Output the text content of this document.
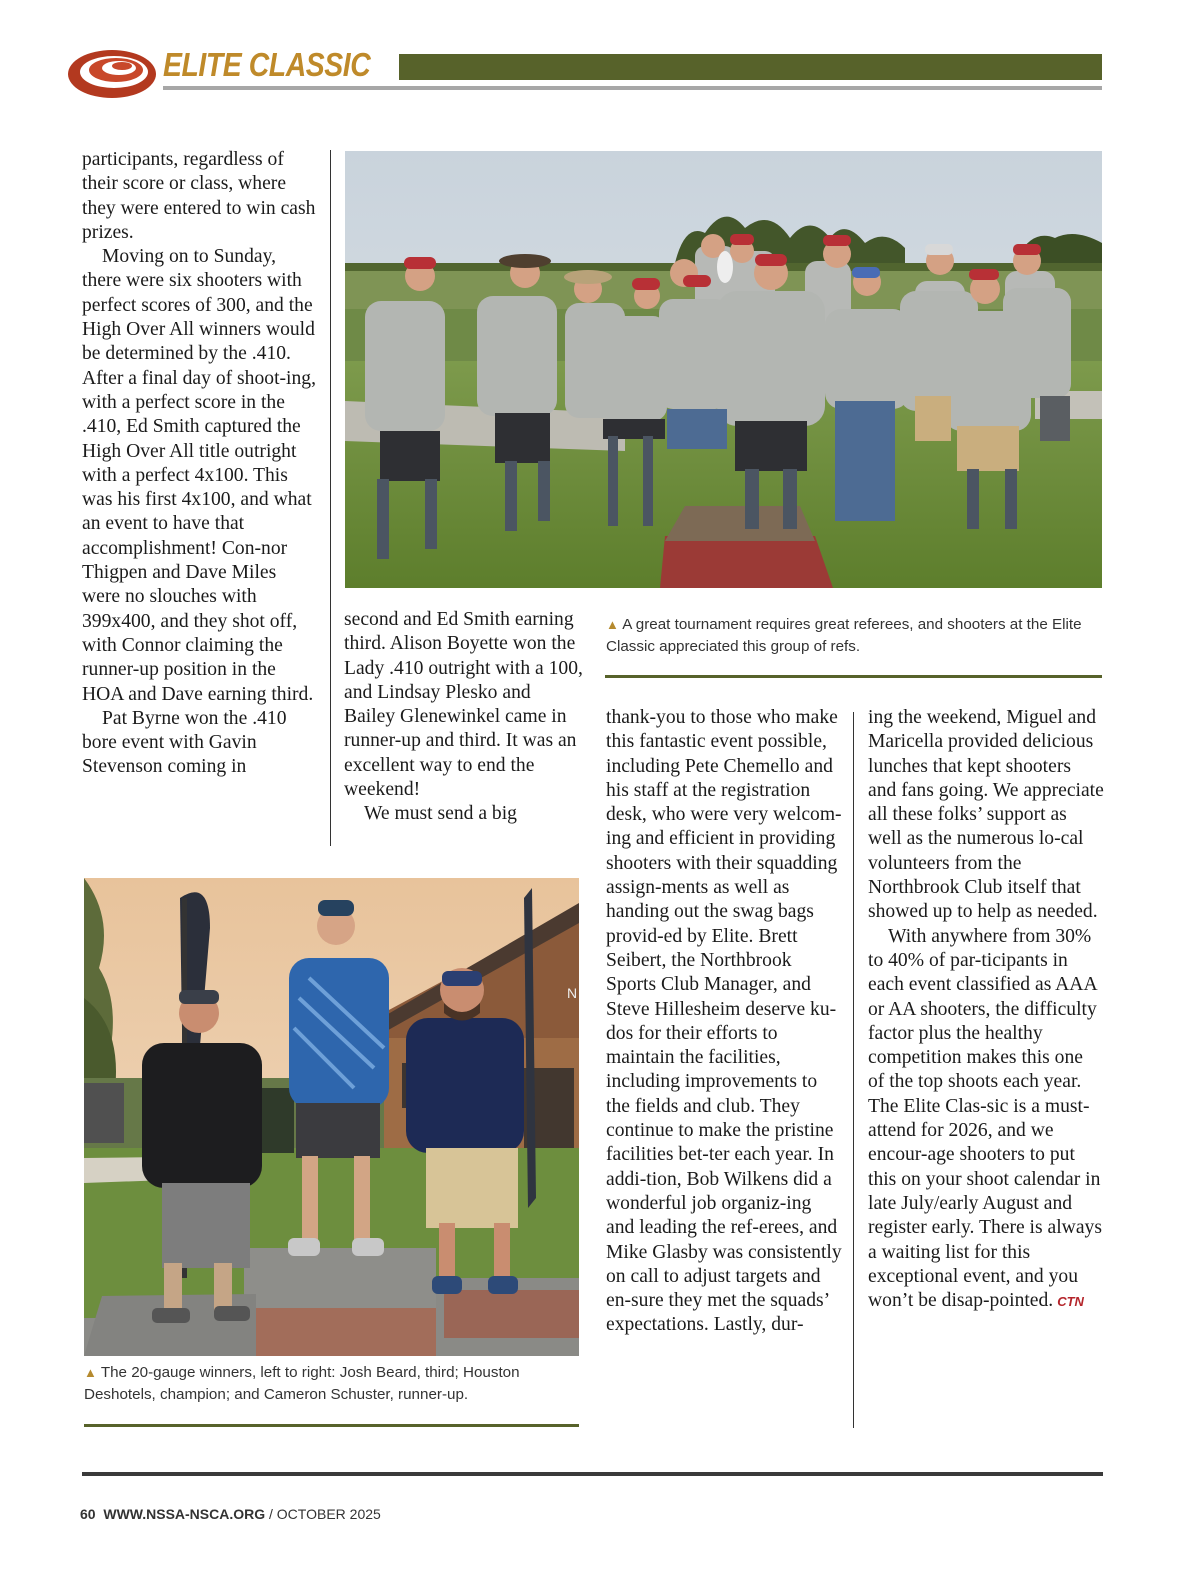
ELITE CLASSIC

participants, regardless of their score or class, where they were entered to win cash prizes.

Moving on to Sunday, there were six shooters with perfect scores of 300, and the High Over All winners would be determined by the .410. After a final day of shoot-ing, with a perfect score in the .410, Ed Smith captured the High Over All title outright with a perfect 4x100. This was his first 4x100, and what an event to have that accomplishment! Con-nor Thigpen and Dave Miles were no slouches with 399x400, and they shot off, with Connor claiming the runner-up position in the HOA and Dave earning third.

Pat Byrne won the .410 bore event with Gavin Stevenson coming in

▲ A great tournament requires great referees, and shooters at the Elite Classic appreciated this group of refs.

second and Ed Smith earning third. Alison Boyette won the Lady .410 outright with a 100, and Lindsay Plesko and Bailey Glenewinkel came in runner-up and third. It was an excellent way to end the weekend!

We must send a big

N
▲ The 20-gauge winners, left to right: Josh Beard, third; Houston Deshotels, champion; and Cameron Schuster, runner-up.

thank-you to those who make this fantastic event possible, including Pete Chemello and his staff at the registration desk, who were very welcom-ing and efficient in providing shooters with their squadding assign-ments as well as handing out the swag bags provid-ed by Elite. Brett Seibert, the Northbrook Sports Club Manager, and Steve Hillesheim deserve ku-dos for their efforts to maintain the facilities, including improvements to the fields and club. They continue to make the pristine facilities bet-ter each year. In addi-tion, Bob Wilkens did a wonderful job organiz-ing and leading the ref-erees, and Mike Glasby was consistently on call to adjust targets and en-sure they met the squads’ expectations. Lastly, dur-

ing the weekend, Miguel and Maricella provided delicious lunches that kept shooters and fans going. We appreciate all these folks’ support as well as the numerous lo-cal volunteers from the Northbrook Club itself that showed up to help as needed.

With anywhere from 30% to 40% of par-ticipants in each event classified as AAA or AA shooters, the difficulty factor plus the healthy competition makes this one of the top shoots each year. The Elite Clas-sic is a must-attend for 2026, and we encour-age shooters to put this on your shoot calendar in late July/early August and register early. There is always a waiting list for this exceptional event, and you won’t be disap-pointed. CTN

60 WWW.NSSA-NSCA.ORG / OCTOBER 2025
